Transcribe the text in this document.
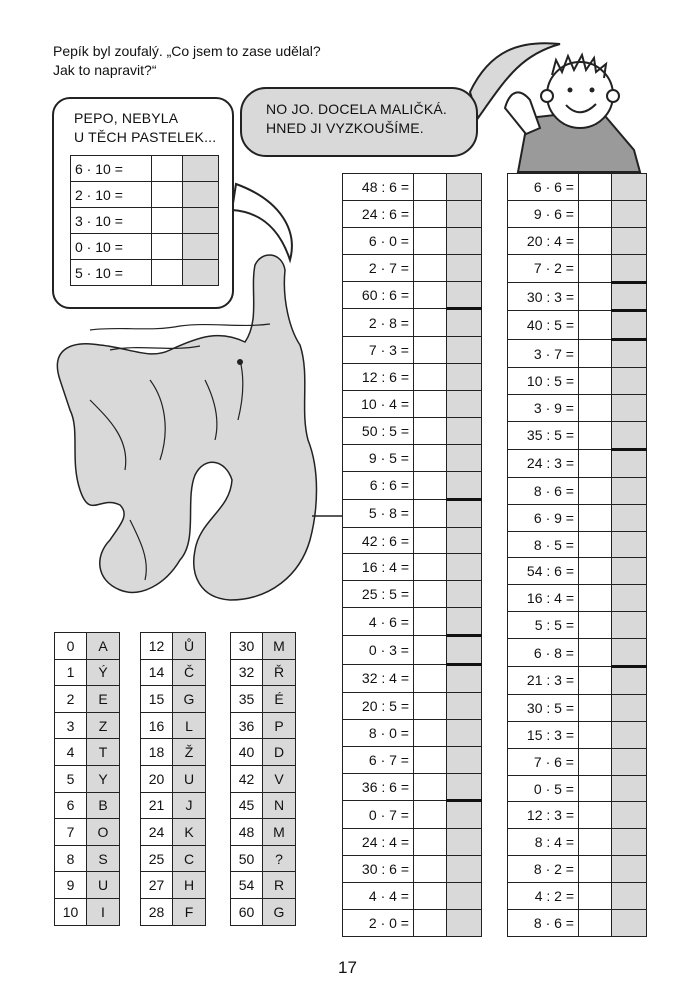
Pepík byl zoufalý. „Co jsem to zase udělal?
Jak to napravit?“
PEPO, NEBYLA
U TĚCH PASTELEK...
NO JO. DOCELA MALIČKÁ.
HNED JI VYZKOUŠÍME.
6 · 10 =		
2 · 10 =		
3 · 10 =		
0 · 10 =		
5 · 10 =		
48 : 6 =		
24 : 6 =		
6 · 0 =		
2 · 7 =		
60 : 6 =		
2 · 8 =		
7 · 3 =		
12 : 6 =		
10 · 4 =		
50 : 5 =		
9 · 5 =		
6 : 6 =		
5 · 8 =		
42 : 6 =		
16 : 4 =		
25 : 5 =		
4 · 6 =		
0 · 3 =		
32 : 4 =		
20 : 5 =		
8 · 0 =		
6 · 7 =		
36 : 6 =		
0 · 7 =		
24 : 4 =		
30 : 6 =		
4 · 4 =		
2 · 0 =		
6 · 6 =		
9 · 6 =		
20 : 4 =		
7 · 2 =		
30 : 3 =		
40 : 5 =		
3 · 7 =		
10 : 5 =		
3 · 9 =		
35 : 5 =		
24 : 3 =		
8 · 6 =		
6 · 9 =		
8 · 5 =		
54 : 6 =		
16 : 4 =		
5 : 5 =		
6 · 8 =		
21 : 3 =		
30 : 5 =		
15 : 3 =		
7 · 6 =		
0 · 5 =		
12 : 3 =		
8 : 4 =		
8 · 2 =		
4 : 2 =		
8 · 6 =		
0	A
1	Ý
2	E
3	Z
4	T
5	Y
6	B
7	O
8	S
9	U
10	I
12	Ů
14	Č
15	G
16	L
18	Ž
20	U
21	J
24	K
25	C
27	H
28	F
30	M
32	Ř
35	É
36	P
40	D
42	V
45	N
48	M
50	?
54	R
60	G
17
